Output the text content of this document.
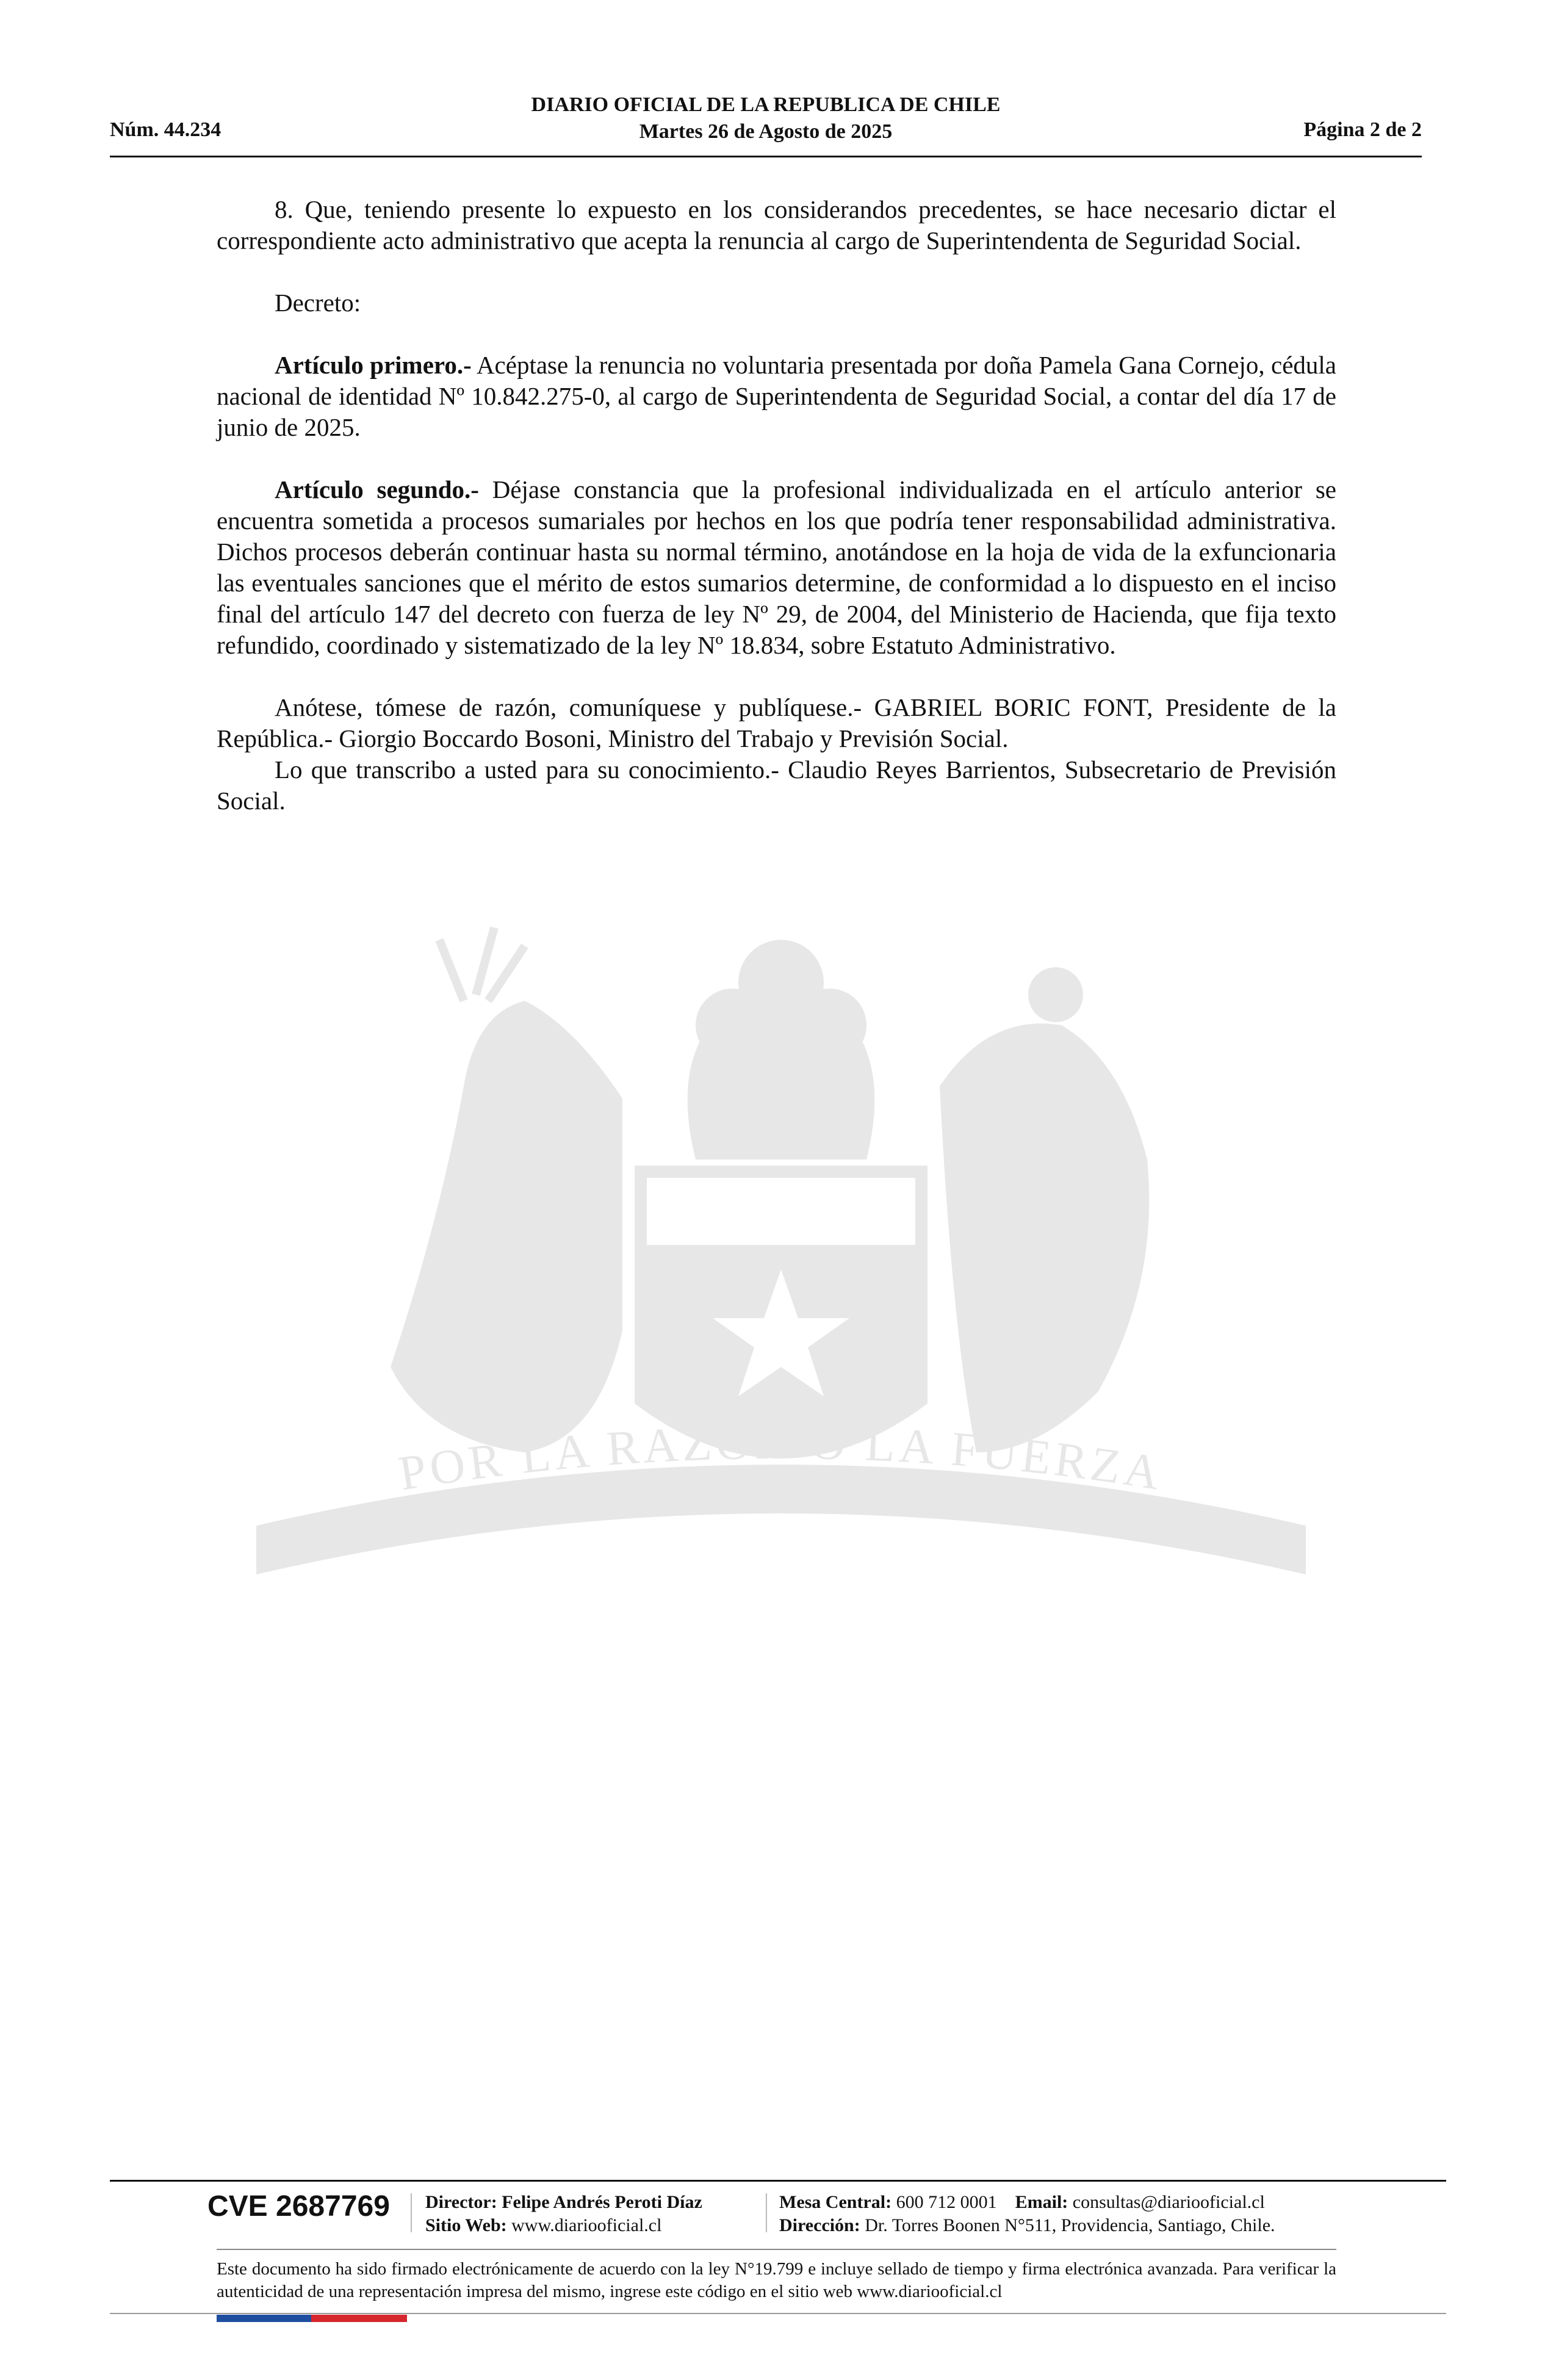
DIARIO OFICIAL DE LA REPUBLICA DE CHILE
Núm. 44.234	Martes 26 de Agosto de 2025	Página 2 de 2
POR LA RAZÓN O LA FUERZA

8. Que, teniendo presente lo expuesto en los considerandos precedentes, se hace necesario dictar el correspondiente acto administrativo que acepta la renuncia al cargo de Superintendenta de Seguridad Social.

Decreto:

Artículo primero.- Acéptase la renuncia no voluntaria presentada por doña Pamela Gana Cornejo, cédula nacional de identidad Nº 10.842.275-0, al cargo de Superintendenta de Seguridad Social, a contar del día 17 de junio de 2025.

Artículo segundo.- Déjase constancia que la profesional individualizada en el artículo anterior se encuentra sometida a procesos sumariales por hechos en los que podría tener responsabilidad administrativa. Dichos procesos deberán continuar hasta su normal término, anotándose en la hoja de vida de la exfuncionaria las eventuales sanciones que el mérito de estos sumarios determine, de conformidad a lo dispuesto en el inciso final del artículo 147 del decreto con fuerza de ley Nº 29, de 2004, del Ministerio de Hacienda, que fija texto refundido, coordinado y sistematizado de la ley Nº 18.834, sobre Estatuto Administrativo.

Anótese, tómese de razón, comuníquese y publíquese.- GABRIEL BORIC FONT, Presidente de la República.- Giorgio Boccardo Bosoni, Ministro del Trabajo y Previsión Social.

Lo que transcribo a usted para su conocimiento.- Claudio Reyes Barrientos, Subsecretario de Previsión Social.

CVE 2687769 Director: Felipe Andrés Peroti Díaz
Sitio Web: www.diariooficial.cl
Mesa Central: 600 712 0001 Email: consultas@diariooficial.cl
Dirección: Dr. Torres Boonen N°511, Providencia, Santiago, Chile.
Este documento ha sido firmado electrónicamente de acuerdo con la ley N°19.799 e incluye sellado de tiempo y firma electrónica avanzada. Para verificar la autenticidad de una representación impresa del mismo, ingrese este código en el sitio web www.diariooficial.cl
